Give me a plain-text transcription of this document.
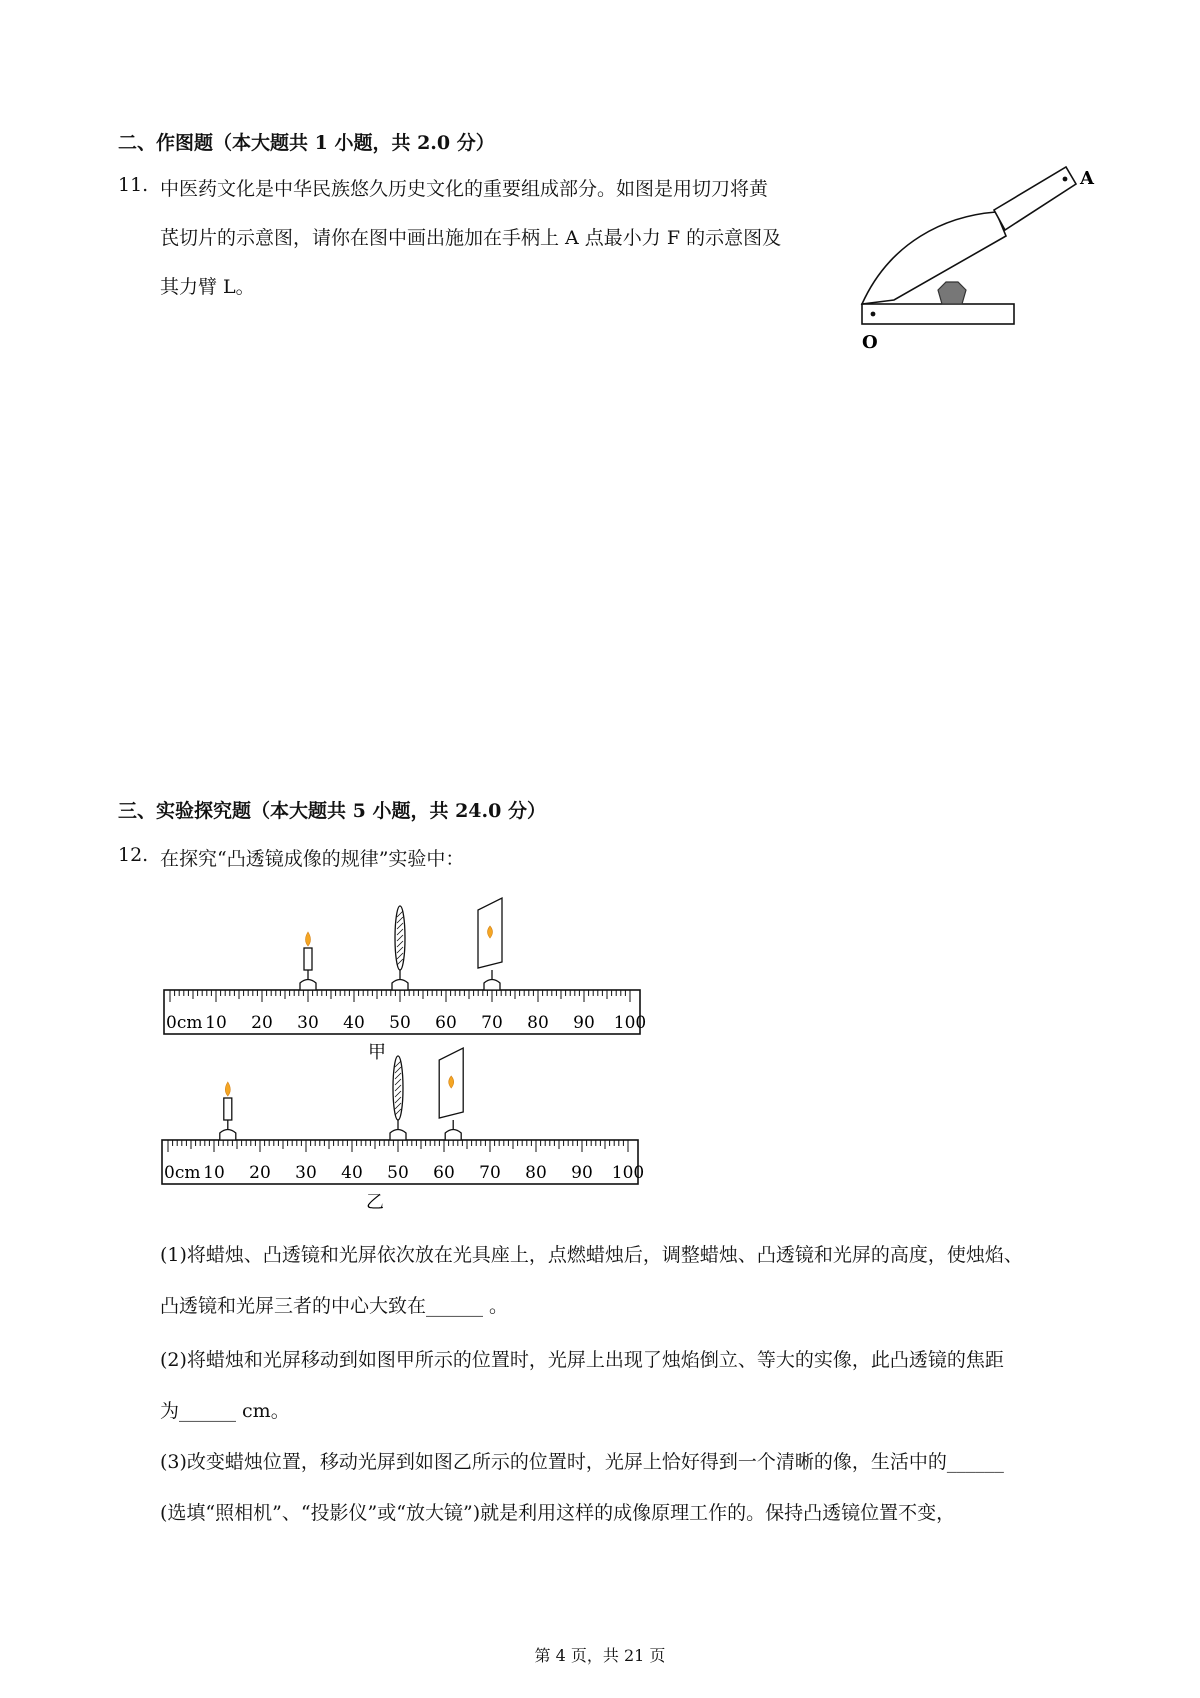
二、作图题（本大题共 1 小题，共 2.0 分）
11. 中医药文化是中华民族悠久历史文化的重要组成部分。如图是用切刀将黄
芪切片的示意图，请你在图中画出施加在手柄上 A 点最小力 F 的示意图及
其力臂 L。
A
O
三、实验探究题（本大题共 5 小题，共 24.0 分）
12. 在探究“凸透镜成像的规律”实验中：
0cm 10 20 30 40 50 60 70 80 90 100
甲
0cm 10 20 30 40 50 60 70 80 90 100
乙
(1)将蜡烛、凸透镜和光屏依次放在光具座上，点燃蜡烛后，调整蜡烛、凸透镜和光屏的高度，使烛焰、
凸透镜和光屏三者的中心大致在______ 。
(2)将蜡烛和光屏移动到如图甲所示的位置时，光屏上出现了烛焰倒立、等大的实像，此凸透镜的焦距
为______ cm。
(3)改变蜡烛位置，移动光屏到如图乙所示的位置时，光屏上恰好得到一个清晰的像，生活中的______
(选填“照相机”、“投影仪”或“放大镜”)就是利用这样的成像原理工作的。保持凸透镜位置不变，
第 4 页，共 21 页
